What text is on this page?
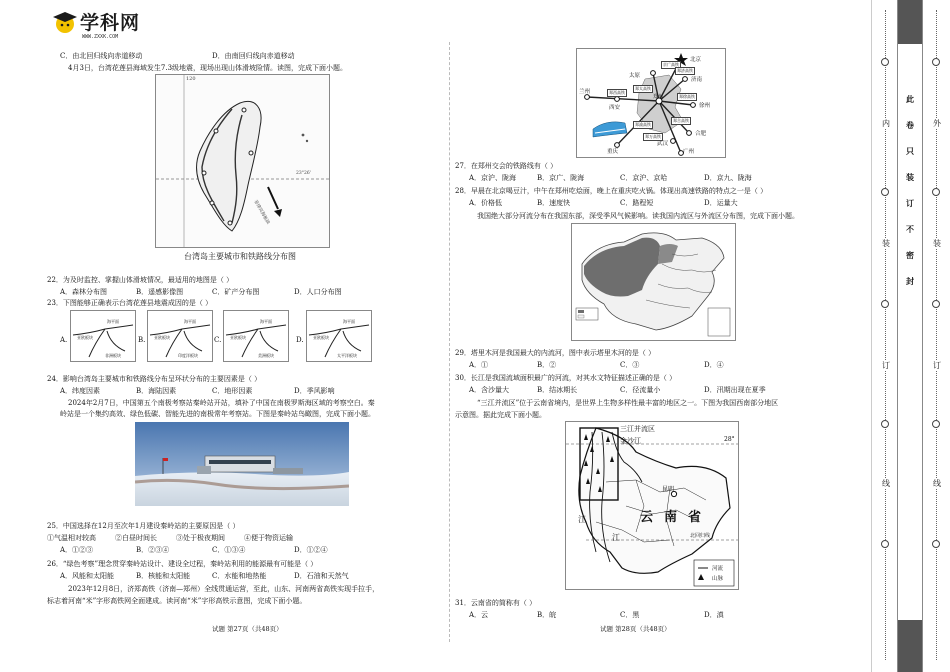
学科网
WWW.ZXXK.COM
C．由北回归线向赤道移动	D．由南回归线向赤道移动
4月3日，台湾花莲县海域发生7.3级地震，现场出现山体滑坡险情。读图，完成下面小题。
菲律宾海板块
120
23°26'
台湾岛主要城市和铁路线分布图
22．为及时监控、掌握山体滑坡情况，最适用的地图是（ ）
A．森林分布图	B．遥感影像图	C．矿产分布图	D．人口分布图
23．下图能够正确表示台湾花莲县地震成因的是（ ）
A.
海平面
亚欧板块
非洲板块
B.
海平面
亚欧板块
印度洋板块
C.
海平面
亚欧板块
美洲板块
D.
海平面
亚欧板块
太平洋板块
24．影响台湾岛主要城市和铁路线分布呈环状分布的主要因素是（ ）
A．纬度因素	B．海陆因素	C．地形因素	D．季风影响
2024年2月7日，中国第五个南极考察站秦岭站开站，填补了中国在南极罗斯海区域的考察空白。秦
岭站是一个集约高效、绿色低碳、智能先进的南极常年考察站。下图是秦岭站鸟瞰图，完成下面小题。
25．中国选择在12月至次年1月建设秦岭站的主要原因是（ ）
①气温相对较高	②白昼时间长	③处于极夜期间	④便于物资运输
A．①②③	B．②③④	C．①③④	D．①②④
26．“绿色考察”理念贯穿秦岭站设计、建设全过程，秦岭站利用的能源最有可能是（ ）
A．风能和太阳能	B．核能和太阳能	C．水能和地热能	D．石油和天然气
2023年12月8日，济郑高铁（济南—郑州）全线贯通运营，至此，山东、河南两省高铁实现手拉手，
标志着河南“米”字形高铁网全面建成。读河南“米”字形高铁示意图，完成下面小题。
试题 第27页（共48页）
北京
太原
济南
兰州
西安
郑州
徐州
合肥
武汉
广州
重庆
京广高铁
郑太高铁
郑西高铁
郑济高铁
郑徐高铁
郑合高铁
郑渝高铁
郑万高铁
27．在郑州交会的铁路线有（ ）
A．京沪、陇海	B．京广、陇海	C．京沪、京哈	D．京九、陇海
28．早晨在北京喝豆汁，中午在郑州吃烩面，晚上在重庆吃火锅。体现出高速铁路的特点之一是（ ）
A．价格低	B．速度快	C．路程短	D．运量大
我国绝大部分河流分布在我国东部，深受季风气候影响。读我国内流区与外流区分布图，完成下面小题。
29．塔里木河是我国最大的内流河，图中表示塔里木河的是（ ）
A．①	B．②	C．③	D．④
30．长江是我国流域面积最广的河流，对其水文特征描述正确的是（ ）
A．含沙量大	B．结冰期长	C．径流量小	D．汛期出现在夏季
“三江并流区”位于云南省境内，是世界上生物多样性最丰富的地区之一。下图为我国西南部分地区
示意图。据此完成下面小题。
三江并流区
金沙江	28°
云 南 省
昆明
北回归线
江
江
河流
山脉
31．云南省的简称有（ ）
A．云	B．皖	C．黑	D．滇
试题 第28页（共48页）
内
装
订
线
此
卷
只
装
订
不
密
封
外
装
订
线
